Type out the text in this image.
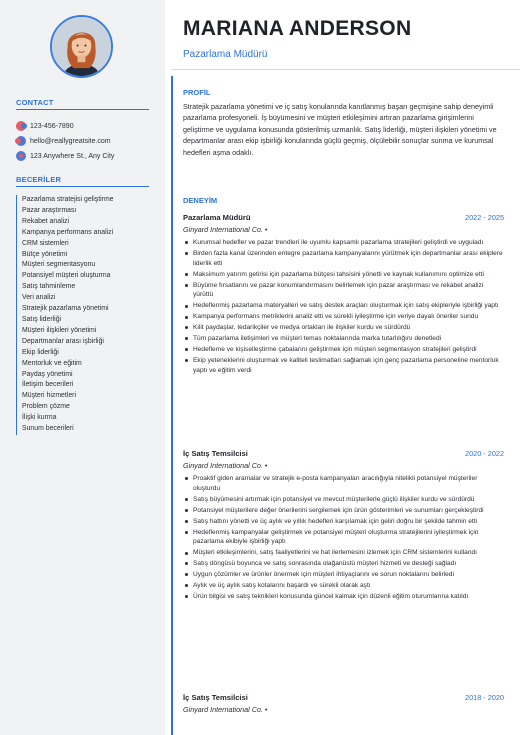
CONTACT
123-456-7890
hello@reallygreatsite.com
123 Anywhere St., Any City
BECERİLER
Pazarlama stratejisi geliştirme
Pazar araştırması
Rekabet analizi
Kampanya performans analizi
CRM sistemleri
Bütçe yönetimi
Müşteri segmentasyonu
Potansiyel müşteri oluşturma
Satış tahminleme
Veri analizi
Stratejik pazarlama yönetimi
Satış liderliği
Müşteri ilişkileri yönetimi
Departmanlar arası işbirliği
Ekip liderliği
Mentorluk ve eğitim
Paydaş yönetimi
İletişim becerileri
Müşteri hizmetleri
Problem çözme
İlişki kurma
Sunum becerileri
MARIANA ANDERSON
Pazarlama Müdürü
PROFİL

Stratejik pazarlama yönetimi ve iç satış konularında kanıtlanmış başarı geçmişine sahip deneyimli pazarlama profesyoneli. İş büyümesini ve müşteri etkileşimini artıran pazarlama girişimlerini geliştirme ve uygulama konusunda gösterilmiş uzmanlık. Satış liderliği, müşteri ilişkileri yönetimi ve departmanlar arası ekip işbirliği konularında güçlü geçmiş, ölçülebilir sonuçlar sunma ve kurumsal hedefleri aşma odaklı.

DENEYİM
Pazarlama Müdürü	2022 - 2025
Ginyard International Co. •
Kurumsal hedefler ve pazar trendleri ile uyumlu kapsamlı pazarlama stratejileri geliştirdi ve uyguladı
Birden fazla kanal üzerinden entegre pazarlama kampanyalarını yürütmek için departmanlar arası ekiplere liderlik etti
Maksimum yatırım getirisi için pazarlama bütçesi tahsisini yönetti ve kaynak kullanımını optimize etti
Büyüme fırsatlarını ve pazar konumlandırmasını belirlemek için pazar araştırması ve rekabet analizi yürüttü
Hedeflenmiş pazarlama materyalleri ve satış destek araçları oluşturmak için satış ekipleriyle işbirliği yaptı
Kampanya performans metriklerini analiz etti ve sürekli iyileştirme için veriye dayalı öneriler sundu
Kilit paydaşlar, tedarikçiler ve medya ortakları ile ilişkiler kurdu ve sürdürdü
Tüm pazarlama iletişimleri ve müşteri temas noktalarında marka tutarlılığını denetledi
Hedefleme ve kişiselleştirme çabalarını geliştirmek için müşteri segmentasyon stratejileri geliştirdi
Ekip yeteneklerini oluşturmak ve kaliteli teslimatları sağlamak için genç pazarlama personeline mentorluk yaptı ve eğitim verdi
İç Satış Temsilcisi	2020 - 2022
Ginyard International Co. •
Proaktif giden aramalar ve stratejik e-posta kampanyaları aracılığıyla nitelikli potansiyel müşteriler oluşturdu
Satış büyümesini artırmak için potansiyel ve mevcut müşterilerle güçlü ilişkiler kurdu ve sürdürdü
Potansiyel müşterilere değer önerilerini sergilemek için ürün gösterimleri ve sunumları gerçekleştirdi
Satış hattını yönetti ve üç aylık ve yıllık hedefleri karşılamak için geliri doğru bir şekilde tahmin etti
Hedeflenmiş kampanyalar geliştirmek ve potansiyel müşteri oluşturma stratejilerini iyileştirmek için pazarlama ekibiyle işbirliği yaptı
Müşteri etkileşimlerini, satış faaliyetlerini ve hat ilerlemesini izlemek için CRM sistemlerini kullandı
Satış döngüsü boyunca ve satış sonrasında olağanüstü müşteri hizmeti ve desteği sağladı
Uygun çözümler ve ürünler önermek için müşteri ihtiyaçlarını ve sorun noktalarını belirledi
Aylık ve üç aylık satış kotalarını başardı ve sürekli olarak aştı
Ürün bilgisi ve satış teknikleri konusunda güncel kalmak için düzenli eğitim oturumlarına katıldı
İç Satış Temsilcisi	2018 - 2020
Ginyard International Co. •
